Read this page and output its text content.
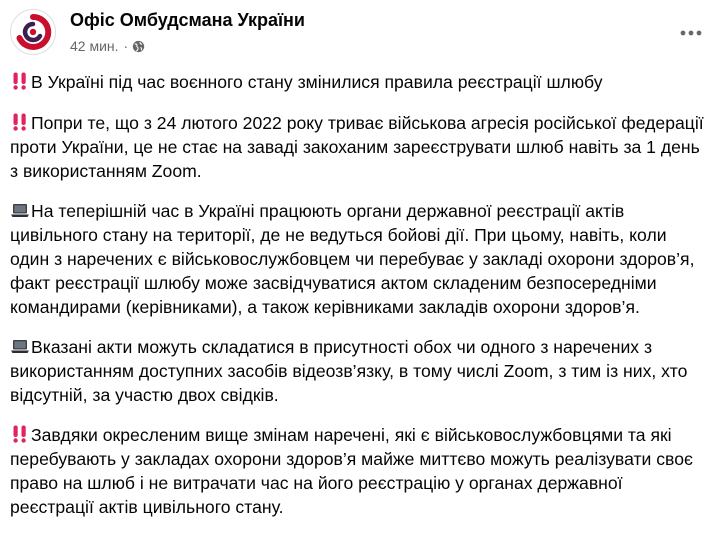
Офіс Омбудсмана України
42 мин. ·

В Україні під час воєнного стану змінилися правила реєстрації шлюбу

Попри те, що з 24 лютого 2022 року триває військова агресія російської федерації проти України, це не стає на заваді закоханим зареєструвати шлюб навіть за 1 день з використанням Zoom.

На теперішній час в Україні працюють органи державної реєстрації актів цивільного стану на території, де не ведуться бойові дії. При цьому, навіть, коли один з наречених є військовослужбовцем чи перебуває у закладі охорони здоров’я, факт реєстрації шлюбу може засвідчуватися актом складеним безпосередніми командирами (керівниками), а також керівниками закладів охорони здоров’я.

Вказані акти можуть складатися в присутності обох чи одного з наречених з використанням доступних засобів відеозв’язку, в тому числі Zoom, з тим із них, хто відсутній, за участю двох свідків.

Завдяки окресленим вище змінам наречені, які є військовослужбовцями та які перебувають у закладах охорони здоров’я майже миттєво можуть реалізувати своє право на шлюб і не витрачати час на його реєстрацію у органах державної реєстрації актів цивільного стану.
